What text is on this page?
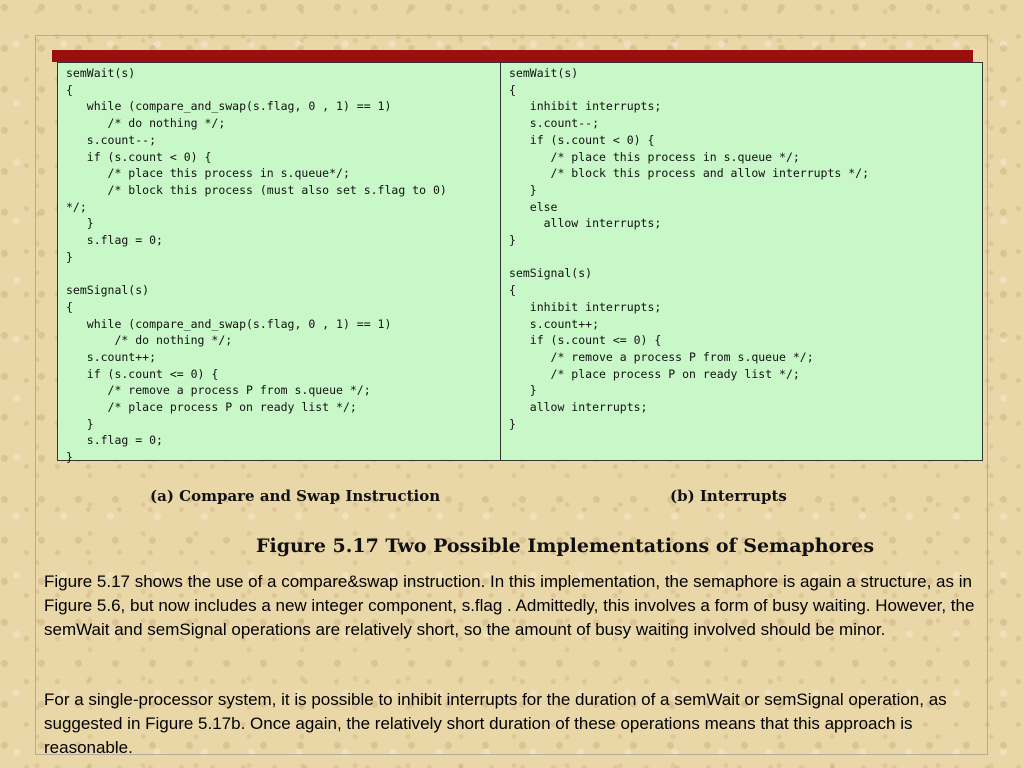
semWait(s)
{
while (compare_and_swap(s.flag, 0 , 1) == 1)
/* do nothing */;
s.count--;
if (s.count < 0) {
/* place this process in s.queue*/;
/* block this process (must also set s.flag to 0)
*/;
}
s.flag = 0;
}
semSignal(s)
{
while (compare_and_swap(s.flag, 0 , 1) == 1)
/* do nothing */;
s.count++;
if (s.count <= 0) {
/* remove a process P from s.queue */;
/* place process P on ready list */;
}
s.flag = 0;
}
semWait(s)
{
inhibit interrupts;
s.count--;
if (s.count < 0) {
/* place this process in s.queue */;
/* block this process and allow interrupts */;
}
else
allow interrupts;
}
semSignal(s)
{
inhibit interrupts;
s.count++;
if (s.count <= 0) {
/* remove a process P from s.queue */;
/* place process P on ready list */;
}
allow interrupts;
}
(a) Compare and Swap Instruction	(b) Interrupts
Figure 5.17 Two Possible Implementations of Semaphores
Figure 5.17 shows the use of a compare&swap instruction. In this implementation, the semaphore is again a structure, as in Figure 5.6, but now includes a new integer component, s.flag . Admittedly, this involves a form of busy waiting. However, the semWait and semSignal operations are relatively short, so the amount of busy waiting involved should be minor.
For a single-processor system, it is possible to inhibit interrupts for the duration of a semWait or semSignal operation, as suggested in Figure 5.17b. Once again, the relatively short duration of these operations means that this approach is reasonable.
